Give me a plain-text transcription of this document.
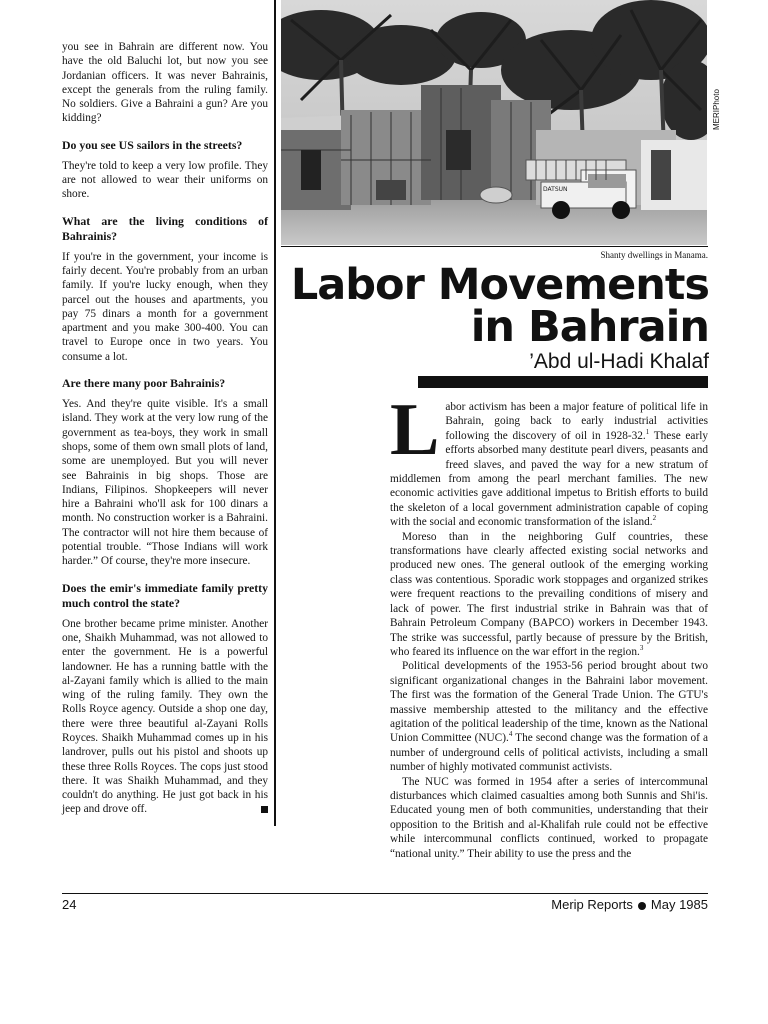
you see in Bahrain are different now. You have the old Baluchi lot, but now you see Jordanian officers. It was never Bahrainis, except the generals from the ruling family. No soldiers. Give a Bahraini a gun? Are you kidding?

Do you see US sailors in the streets?

They're told to keep a very low profile. They are not allowed to wear their uniforms on shore.

What are the living conditions of Bahrainis?

If you're in the government, your income is fairly decent. You're probably from an urban family. If you're lucky enough, when they parcel out the houses and apartments, you pay 75 dinars a month for a government apartment and you make 300-400. You can travel to Europe once in two years. You consume a lot.

Are there many poor Bahrainis?

Yes. And they're quite visible. It's a small island. They work at the very low rung of the government as tea-boys, they work in small shops, some of them own small plots of land, some are unemployed. But you will never see Bahrainis in big shops. Those are Indians, Filipinos. Shopkeepers will never hire a Bahraini who'll ask for 100 dinars a month. No construction worker is a Bahraini. The contractor will not hire them because of potential trouble. “Those Indians will work harder.” Of course, they're more insecure.

Does the emir's immediate family pretty much control the state?

One brother became prime minister. Another one, Shaikh Muhammad, was not allowed to enter the government. He is a powerful landowner. He has a running battle with the al-Zayani family which is allied to the main wing of the ruling family. They own the Rolls Royce agency. Outside a shop one day, there were three beautiful al-Zayani Rolls Royces. Shaikh Muhammad comes up in his landrover, pulls out his pistol and shoots up these three Rolls Royces. The cops just stood there. It was Shaikh Muhammad, and they couldn't do anything. He just got back in his jeep and drove off.

DATSUN
MERIPhoto
Shanty dwellings in Manama.
Labor Movements
in Bahrain
’Abd ul-Hadi Khalaf

Labor activism has been a major feature of political life in Bahrain, going back to early industrial activities following the discovery of oil in 1928-32.$^1$ These early efforts absorbed many destitute pearl divers, peasants and freed slaves, and paved the way for a new stratum of middlemen from among the pearl merchant families. The new economic activities gave additional impetus to British efforts to build the skeleton of a local government administration capable of coping with the social and economic transformation of the island.$^2$

Moreso than in the neighboring Gulf countries, these transformations have clearly affected existing social networks and produced new ones. The general outlook of the emerging working class was contentious. Sporadic work stoppages and organized strikes were frequent reactions to the prevailing conditions of misery and lack of power. The first industrial strike in Bahrain was that of Bahrain Petroleum Company (BAPCO) workers in December 1943. The strike was successful, partly because of pressure by the British, who feared its influence on the war effort in the region.$^3$

Political developments of the 1953-56 period brought about two significant organizational changes in the Bahraini labor movement. The first was the formation of the General Trade Union. The GTU's massive membership attested to the militancy and the effective agitation of the political leadership of the time, known as the National Union Committee (NUC).$^4$ The second change was the formation of a number of underground cells of political activists, including a small number of highly motivated communist activists.

The NUC was formed in 1954 after a series of intercommunal disturbances which claimed casualties among both Sunnis and Shi'is. Educated young men of both communities, understanding that their opposition to the British and al-Khalifah rule could not be effective while intercommunal conflicts continued, worked to propagate “national unity.” Their ability to use the press and the

24	Merip Reports May 1985
